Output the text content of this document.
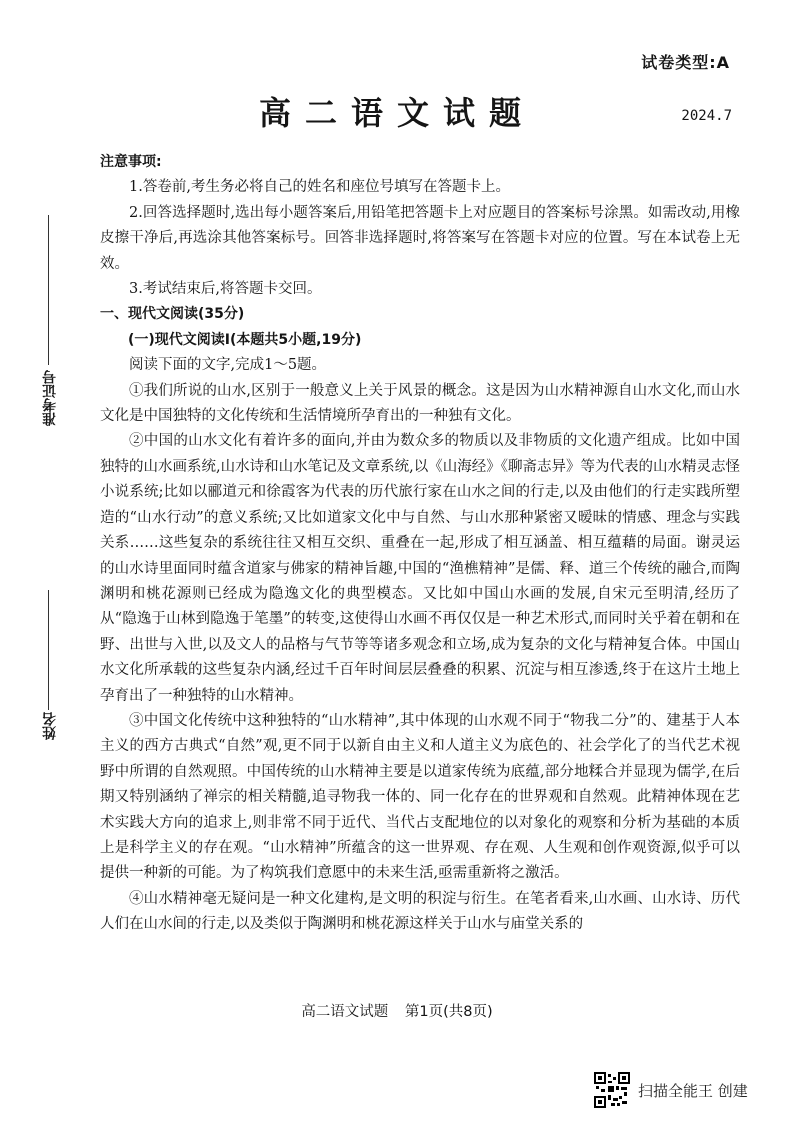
试卷类型:A
高二语文试题	2024.7
准考证号
姓名

注意事项:

1.答卷前,考生务必将自己的姓名和座位号填写在答题卡上。

2.回答选择题时,选出每小题答案后,用铅笔把答题卡上对应题目的答案标号涂黑。如需改动,用橡皮擦干净后,再选涂其他答案标号。回答非选择题时,将答案写在答题卡对应的位置。写在本试卷上无效。

3.考试结束后,将答题卡交回。

一、现代文阅读(35分)

(一)现代文阅读Ⅰ(本题共5小题,19分)

阅读下面的文字,完成1～5题。

①我们所说的山水,区别于一般意义上关于风景的概念。这是因为山水精神源自山水文化,而山水文化是中国独特的文化传统和生活情境所孕育出的一种独有文化。

②中国的山水文化有着许多的面向,并由为数众多的物质以及非物质的文化遗产组成。比如中国独特的山水画系统,山水诗和山水笔记及文章系统,以《山海经》《聊斋志异》等为代表的山水精灵志怪小说系统;比如以郦道元和徐霞客为代表的历代旅行家在山水之间的行走,以及由他们的行走实践所塑造的“山水行动”的意义系统;又比如道家文化中与自然、与山水那种紧密又暧昧的情感、理念与实践关系……这些复杂的系统往往又相互交织、重叠在一起,形成了相互涵盖、相互蕴藉的局面。谢灵运的山水诗里面同时蕴含道家与佛家的精神旨趣,中国的“渔樵精神”是儒、释、道三个传统的融合,而陶渊明和桃花源则已经成为隐逸文化的典型模态。又比如中国山水画的发展,自宋元至明清,经历了从“隐逸于山林到隐逸于笔墨”的转变,这使得山水画不再仅仅是一种艺术形式,而同时关乎着在朝和在野、出世与入世,以及文人的品格与气节等等诸多观念和立场,成为复杂的文化与精神复合体。中国山水文化所承载的这些复杂内涵,经过千百年时间层层叠叠的积累、沉淀与相互渗透,终于在这片土地上孕育出了一种独特的山水精神。

③中国文化传统中这种独特的“山水精神”,其中体现的山水观不同于“物我二分”的、建基于人本主义的西方古典式“自然”观,更不同于以新自由主义和人道主义为底色的、社会学化了的当代艺术视野中所谓的自然观照。中国传统的山水精神主要是以道家传统为底蕴,部分地糅合并显现为儒学,在后期又特别涵纳了禅宗的相关精髓,追寻物我一体的、同一化存在的世界观和自然观。此精神体现在艺术实践大方向的追求上,则非常不同于近代、当代占支配地位的以对象化的观察和分析为基础的本质上是科学主义的存在观。“山水精神”所蕴含的这一世界观、存在观、人生观和创作观资源,似乎可以提供一种新的可能。为了构筑我们意愿中的未来生活,亟需重新将之激活。

④山水精神毫无疑问是一种文化建构,是文明的积淀与衍生。在笔者看来,山水画、山水诗、历代人们在山水间的行走,以及类似于陶渊明和桃花源这样关于山水与庙堂关系的

高二语文试题 第1页(共8页)
扫描全能王 创建
